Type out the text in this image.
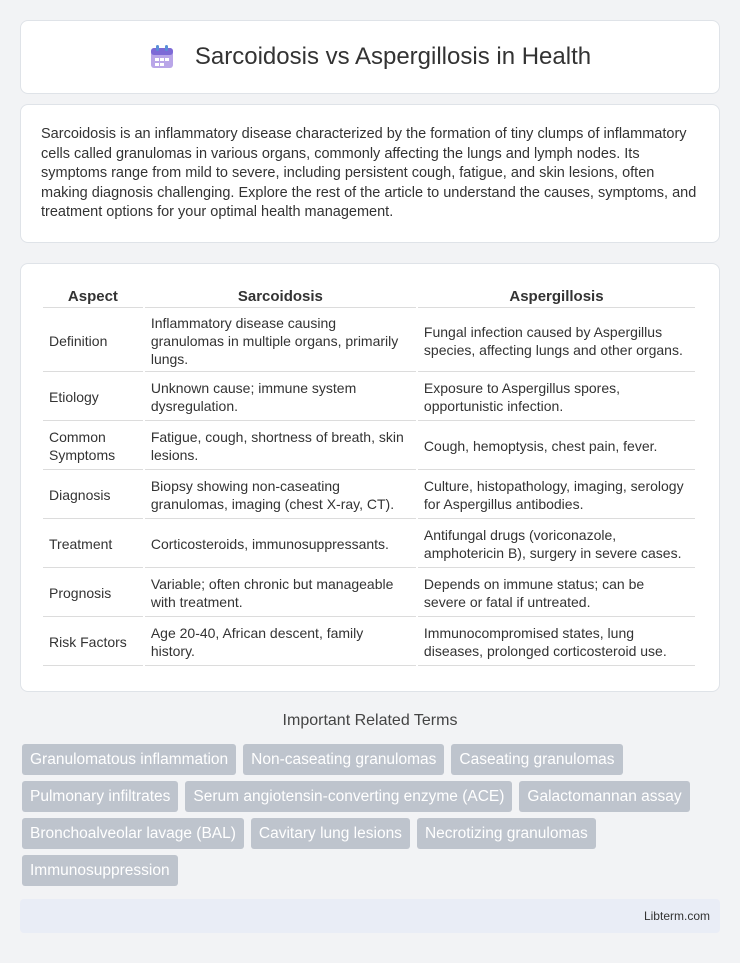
Sarcoidosis vs Aspergillosis in Health

Sarcoidosis is an inflammatory disease characterized by the formation of tiny clumps of inflammatory cells called granulomas in various organs, commonly affecting the lungs and lymph nodes. Its symptoms range from mild to severe, including persistent cough, fatigue, and skin lesions, often making diagnosis challenging. Explore the rest of the article to understand the causes, symptoms, and treatment options for your optimal health management.

Aspect	Sarcoidosis	Aspergillosis
Definition	Inflammatory disease causing granulomas in multiple organs, primarily lungs.	Fungal infection caused by Aspergillus species, affecting lungs and other organs.
Etiology	Unknown cause; immune system dysregulation.	Exposure to Aspergillus spores, opportunistic infection.
Common Symptoms	Fatigue, cough, shortness of breath, skin lesions.	Cough, hemoptysis, chest pain, fever.
Diagnosis	Biopsy showing non-caseating granulomas, imaging (chest X-ray, CT).	Culture, histopathology, imaging, serology for Aspergillus antibodies.
Treatment	Corticosteroids, immunosuppressants.	Antifungal drugs (voriconazole, amphotericin B), surgery in severe cases.
Prognosis	Variable; often chronic but manageable with treatment.	Depends on immune status; can be severe or fatal if untreated.
Risk Factors	Age 20-40, African descent, family history.	Immunocompromised states, lung diseases, prolonged corticosteroid use.
Important Related Terms
Granulomatous inflammation	Non-caseating granulomas	Caseating granulomas
Pulmonary infiltrates	Serum angiotensin-converting enzyme (ACE)	Galactomannan assay
Bronchoalveolar lavage (BAL)	Cavitary lung lesions	Necrotizing granulomas
Immunosuppression
Libterm.com
